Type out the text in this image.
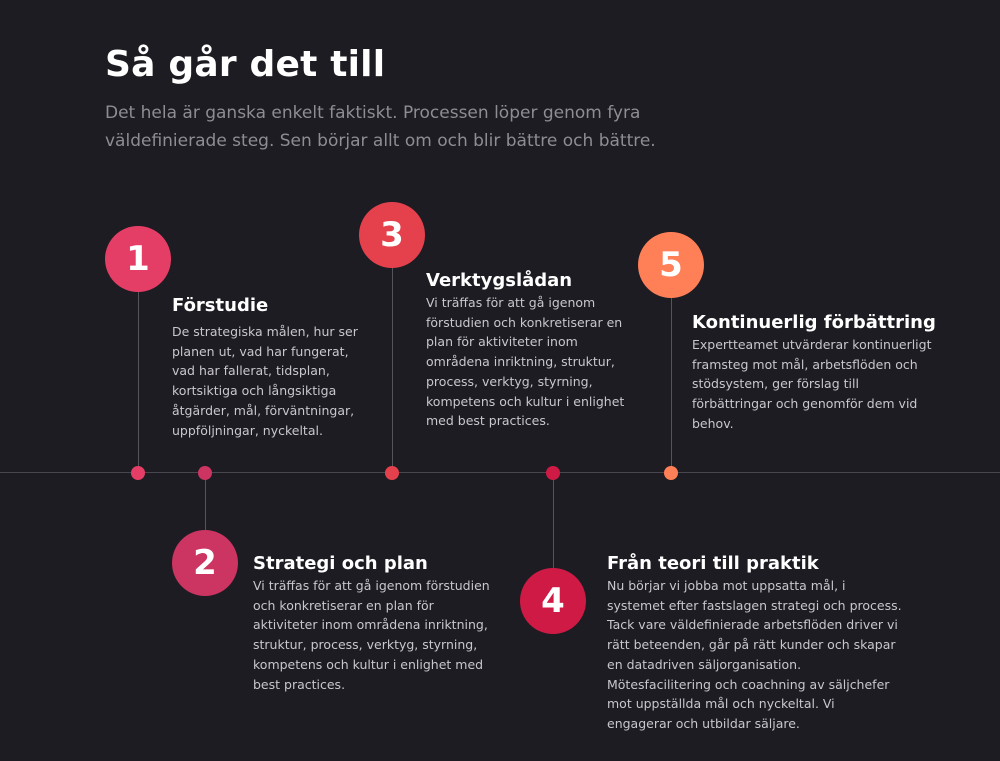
Så går det till
Det hela är ganska enkelt faktiskt. Processen löper genom fyra väldefinierade steg. Sen börjar allt om och blir bättre och bättre.
1
Förstudie
De strategiska målen, hur ser planen ut, vad har fungerat, vad har fallerat, tidsplan, kortsiktiga och långsiktiga åtgärder, mål, förväntningar, uppföljningar, nyckeltal.
2 Strategi och plan
Vi träffas för att gå igenom förstudien och konkretiserar en plan för aktiviteter inom områdena inriktning, struktur, process, verktyg, styrning, kompetens och kultur i enlighet med best practices.
3
Verktygslådan
Vi träffas för att gå igenom förstudien och konkretiserar en plan för aktiviteter inom områdena inriktning, struktur, process, verktyg, styrning, kompetens och kultur i enlighet med best practices.
4
Från teori till praktik
Nu börjar vi jobba mot uppsatta mål, i systemet efter fastslagen strategi och process. Tack vare väldefinierade arbetsflöden driver vi rätt beteenden, går på rätt kunder och skapar en datadriven säljorganisation. Mötesfacilitering och coachning av säljchefer mot uppställda mål och nyckeltal. Vi engagerar och utbildar säljare.
5
Kontinuerlig förbättring
Expertteamet utvärderar kontinuerligt framsteg mot mål, arbetsflöden och stödsystem, ger förslag till förbättringar och genomför dem vid behov.
